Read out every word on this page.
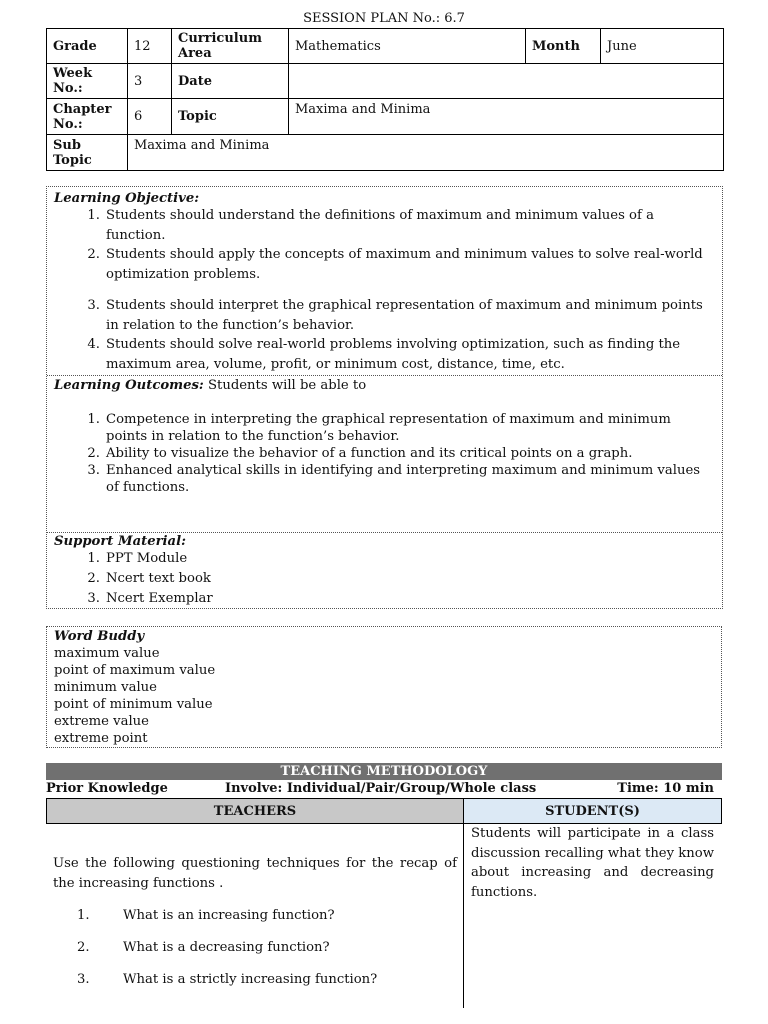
SESSION PLAN No.: 6.7
Grade	12	Curriculum Area	Mathematics	Month	June
Week No.:	3	Date			
Chapter No.:	6	Topic	Maxima and Minima		
Sub Topic	Maxima and Minima				
Learning Objective:
1. Students should understand the definitions of maximum and minimum values of a function.
2. Students should apply the concepts of maximum and minimum values to solve real-world optimization problems.
3. Students should interpret the graphical representation of maximum and minimum points in relation to the function’s behavior.
4. Students should solve real-world problems involving optimization, such as finding the maximum area, volume, profit, or minimum cost, distance, time, etc.
Learning Outcomes: Students will be able to
1. Competence in interpreting the graphical representation of maximum and minimum points in relation to the function’s behavior.
2. Ability to visualize the behavior of a function and its critical points on a graph.
3. Enhanced analytical skills in identifying and interpreting maximum and minimum values of functions.
Support Material:
1. PPT Module
2. Ncert text book
3. Ncert Exemplar
Word Buddy
maximum value
point of maximum value
minimum value
point of minimum value
extreme value
extreme point
TEACHING METHODOLOGY
Prior Knowledge	Involve: Individual/Pair/Group/Whole class	Time: 10 min
TEACHERS	STUDENT(S)
Use the following questioning techniques for the recap of the increasing functions .
1.	What is an increasing function?
2.	What is a decreasing function?
3.	What is a strictly increasing function?
Students will participate in a class discussion recalling what they know about increasing and decreasing functions.
